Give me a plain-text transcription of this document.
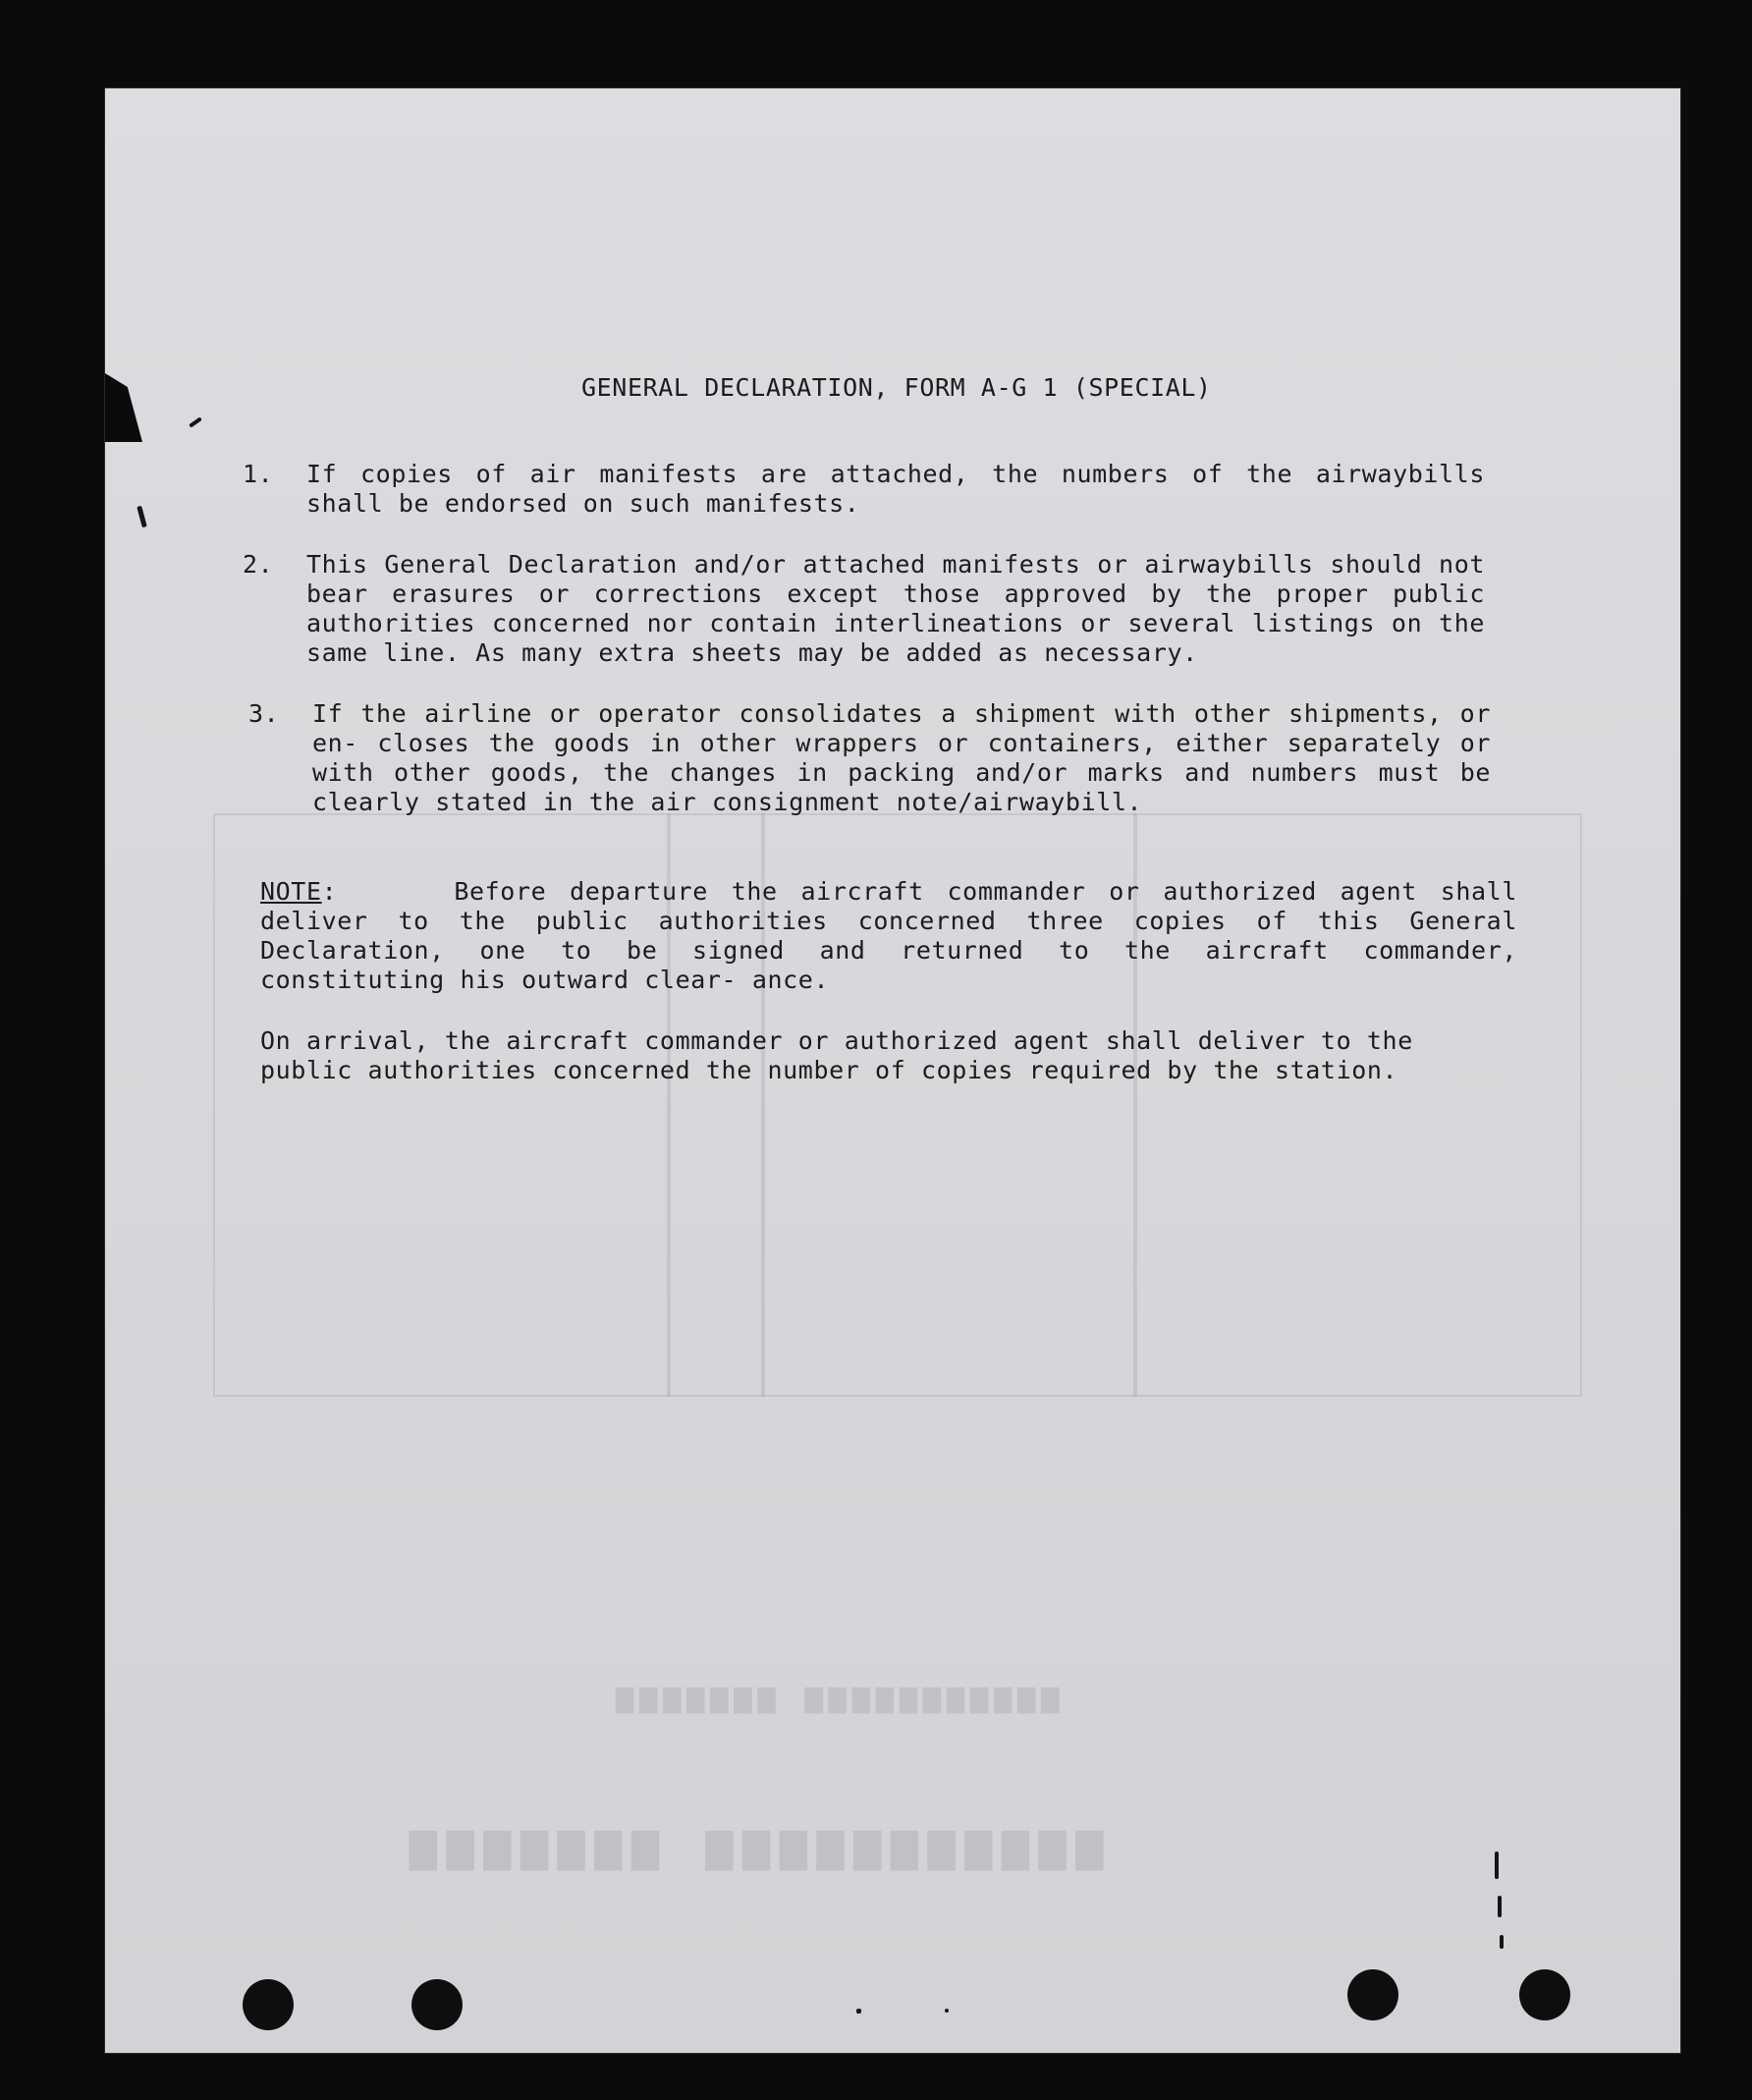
▆▆▆▆▆▆▆ ▆▆▆▆▆▆▆▆▆▆▆
▆▆▆▆▆▆▆ ▆▆▆▆▆▆▆▆▆▆▆
GENERAL DECLARATION, FORM A-G 1 (SPECIAL)
1.	If copies of air manifests are attached, the numbers of the airwaybills shall be endorsed on such manifests.
2.	This General Declaration and/or attached manifests or airwaybills should not bear erasures or corrections except those approved by the proper public authorities concerned nor contain interlineations or several listings on the same line. As many extra sheets may be added as necessary.
3.	If the airline or operator consolidates a shipment with other shipments, or en- closes the goods in other wrappers or containers, either separately or with other goods, the changes in packing and/or marks and numbers must be clearly stated in the air consignment note/airwaybill.
NOTE:     Before departure the aircraft commander or authorized agent shall deliver to the public authorities concerned three copies of this General Declaration, one to be signed and returned to the aircraft commander, constituting his outward clear- ance.
On arrival, the aircraft commander or authorized agent shall deliver to the public authorities concerned the number of copies required by the station.
